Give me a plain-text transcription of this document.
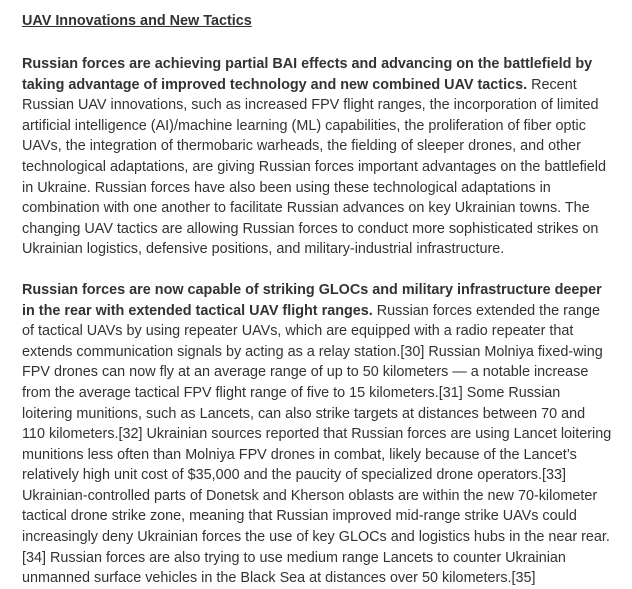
UAV Innovations and New Tactics

Russian forces are achieving partial BAI effects and advancing on the battlefield by taking advantage of improved technology and new combined UAV tactics. Recent Russian UAV innovations, such as increased FPV flight ranges, the incorporation of limited artificial intelligence (AI)/machine learning (ML) capabilities, the proliferation of fiber optic UAVs, the integration of thermobaric warheads, the fielding of sleeper drones, and other technological adaptations, are giving Russian forces important advantages on the battlefield in Ukraine. Russian forces have also been using these technological adaptations in combination with one another to facilitate Russian advances on key Ukrainian towns. The changing UAV tactics are allowing Russian forces to conduct more sophisticated strikes on Ukrainian logistics, defensive positions, and military-industrial infrastructure.

Russian forces are now capable of striking GLOCs and military infrastructure deeper in the rear with extended tactical UAV flight ranges. Russian forces extended the range of tactical UAVs by using repeater UAVs, which are equipped with a radio repeater that extends communication signals by acting as a relay station.[30] Russian Molniya fixed-wing FPV drones can now fly at an average range of up to 50 kilometers — a notable increase from the average tactical FPV flight range of five to 15 kilometers.[31] Some Russian loitering munitions, such as Lancets, can also strike targets at distances between 70 and 110 kilometers.[32] Ukrainian sources reported that Russian forces are using Lancet loitering munitions less often than Molniya FPV drones in combat, likely because of the Lancet’s relatively high unit cost of $35,000 and the paucity of specialized drone operators.[33] Ukrainian-controlled parts of Donetsk and Kherson oblasts are within the new 70-kilometer tactical drone strike zone, meaning that Russian improved mid-range strike UAVs could increasingly deny Ukrainian forces the use of key GLOCs and logistics hubs in the near rear.[34] Russian forces are also trying to use medium range Lancets to counter Ukrainian unmanned surface vehicles in the Black Sea at distances over 50 kilometers.[35]
